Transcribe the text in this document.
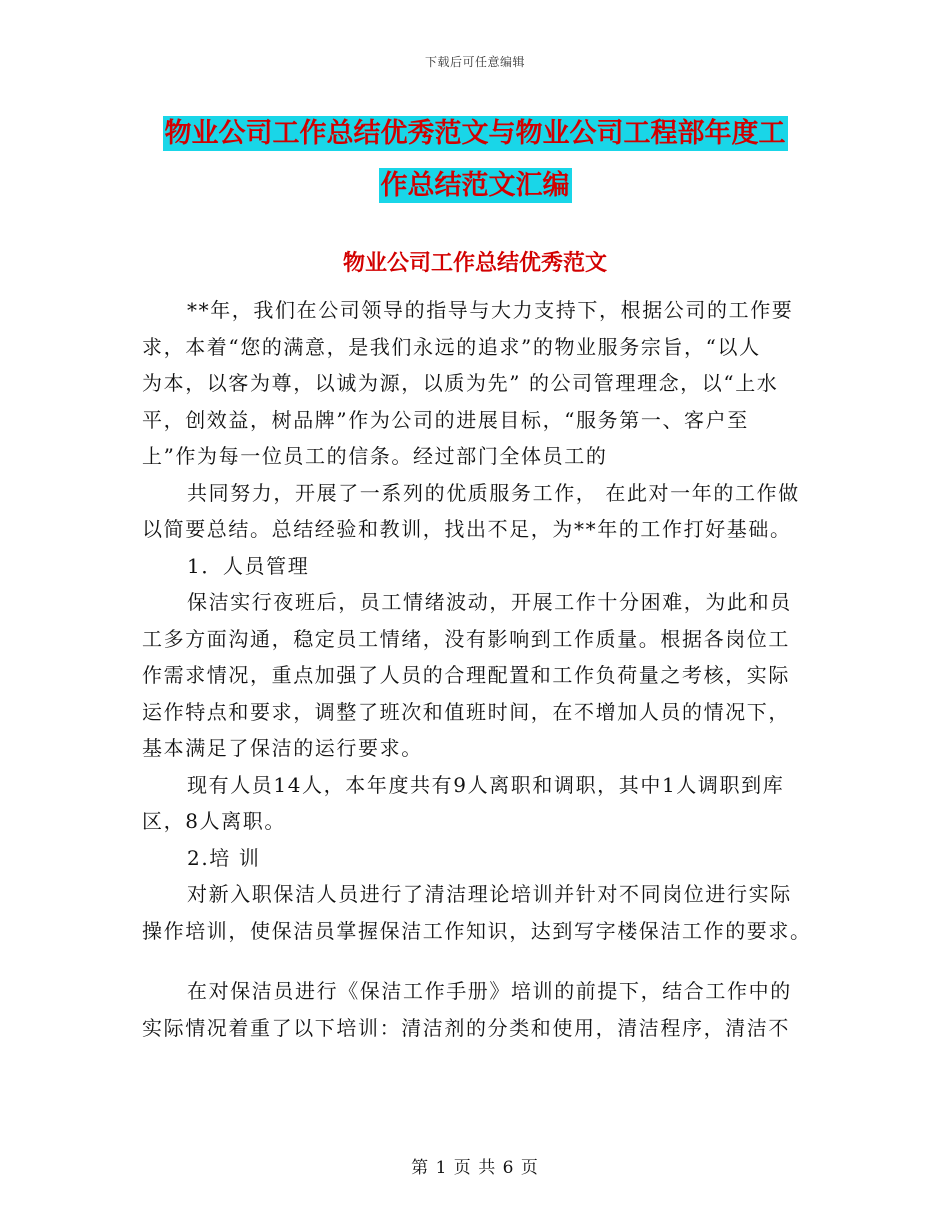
下载后可任意编辑
物业公司工作总结优秀范文与物业公司工程部年度工
作总结范文汇编
物业公司工作总结优秀范文
**年，我们在公司领导的指导与大力支持下，根据公司的工作要
求，本着“您的满意，是我们永远的追求”的物业服务宗旨，“以人
为本，以客为尊，以诚为源，以质为先” 的公司管理理念，以“上水
平，创效益，树品牌”作为公司的进展目标，“服务第一、客户至
上”作为每一位员工的信条。经过部门全体员工的
共同努力，开展了一系列的优质服务工作， 在此对一年的工作做
以简要总结。总结经验和教训，找出不足，为**年的工作打好基础。
1．人员管理
保洁实行夜班后，员工情绪波动，开展工作十分困难，为此和员
工多方面沟通，稳定员工情绪，没有影响到工作质量。根据各岗位工
作需求情况，重点加强了人员的合理配置和工作负荷量之考核，实际
运作特点和要求，调整了班次和值班时间，在不增加人员的情况下，
基本满足了保洁的运行要求。
现有人员14人，本年度共有9人离职和调职，其中1人调职到库
区，8人离职。
2.培 训
对新入职保洁人员进行了清洁理论培训并针对不同岗位进行实际
操作培训，使保洁员掌握保洁工作知识，达到写字楼保洁工作的要求。
在对保洁员进行《保洁工作手册》培训的前提下，结合工作中的
实际情况着重了以下培训：清洁剂的分类和使用，清洁程序，清洁不
第 1 页 共 6 页
